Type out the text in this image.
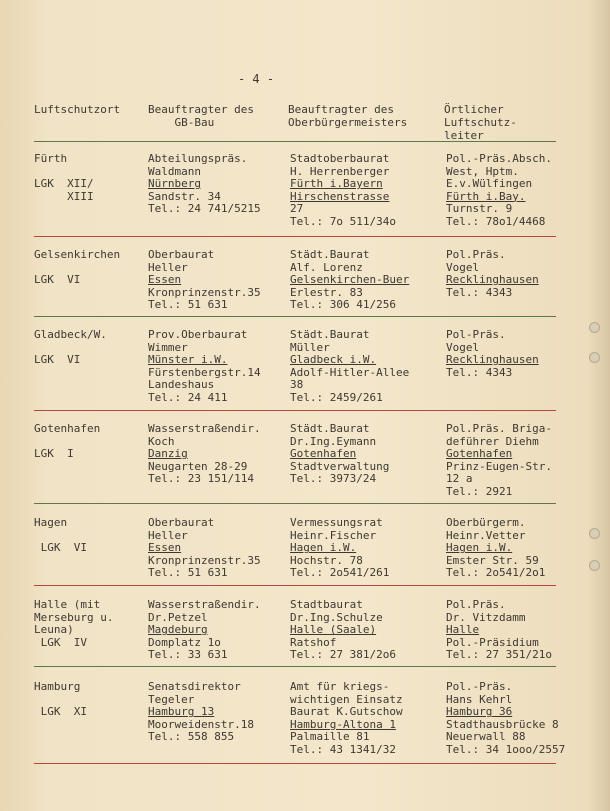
- 4 -
Luftschutzort	Beauftragter des
GB-Bau
Beauftragter des
Oberbürgermeisters
Örtlicher
Luftschutz-
leiter
Fürth

LGK  XII/
XIII
Abteilungspräs.
Waldmann
Nürnberg
Sandstr. 34
Tel.: 24 741/5215
Stadtoberbaurat
H. Herrenberger
Fürth i.Bayern
Hirschenstrasse
27
Tel.: 7o 511/34o
Pol.-Präs.Absch.
West, Hptm.
E.v.Wülfingen
Fürth i.Bay.
Turnstr. 9
Tel.: 78o1/4468
Gelsenkirchen

LGK  VI
Oberbaurat
Heller
Essen
Kronprinzenstr.35
Tel.: 51 631
Städt.Baurat
Alf. Lorenz
Gelsenkirchen-Buer
Erlestr. 83
Tel.: 306 41/256
Pol.Präs.
Vogel
Recklinghausen
Tel.: 4343
Gladbeck/W.

LGK  VI
Prov.Oberbaurat
Wimmer
Münster i.W.
Fürstenbergstr.14
Landeshaus
Tel.: 24 411
Städt.Baurat
Müller
Gladbeck i.W.
Adolf-Hitler-Allee
38
Tel.: 2459/261
Pol-Präs.
Vogel
Recklinghausen
Tel.: 4343
Gotenhafen

LGK  I
Wasserstraßendir.
Koch
Danzig
Neugarten 28-29
Tel.: 23 151/114
Städt.Baurat
Dr.Ing.Eymann
Gotenhafen
Stadtverwaltung
Tel.: 3973/24
Pol.Präs. Briga-
deführer Diehm
Gotenhafen
Prinz-Eugen-Str.
12 a
Tel.: 2921
Hagen

LGK  VI
Oberbaurat
Heller
Essen
Kronprinzenstr.35
Tel.: 51 631
Vermessungsrat
Heinr.Fischer
Hagen i.W.
Hochstr. 78
Tel.: 2o541/261
Oberbürgerm.
Heinr.Vetter
Hagen i.W.
Emster Str. 59
Tel.: 2o541/2o1
Halle (mit
Merseburg u.
Leuna)
LGK  IV
Wasserstraßendir.
Dr.Petzel
Magdeburg
Domplatz 1o
Tel.: 33 631
Stadtbaurat
Dr.Ing.Schulze
Halle (Saale)
Ratshof
Tel.: 27 381/2o6
Pol.Präs.
Dr. Vitzdamm
Halle
Pol.-Präsidium
Tel.: 27 351/21o
Hamburg

LGK  XI
Senatsdirektor
Tegeler
Hamburg 13
Moorweidenstr.18
Tel.: 558 855
Amt für kriegs-
wichtigen Einsatz
Baurat K.Gutschow
Hamburg-Altona 1
Palmaille 81
Tel.: 43 1341/32
Pol.-Präs.
Hans Kehrl
Hamburg 36
Stadthausbrücke 8
Neuerwall 88
Tel.: 34 1ooo/2557
